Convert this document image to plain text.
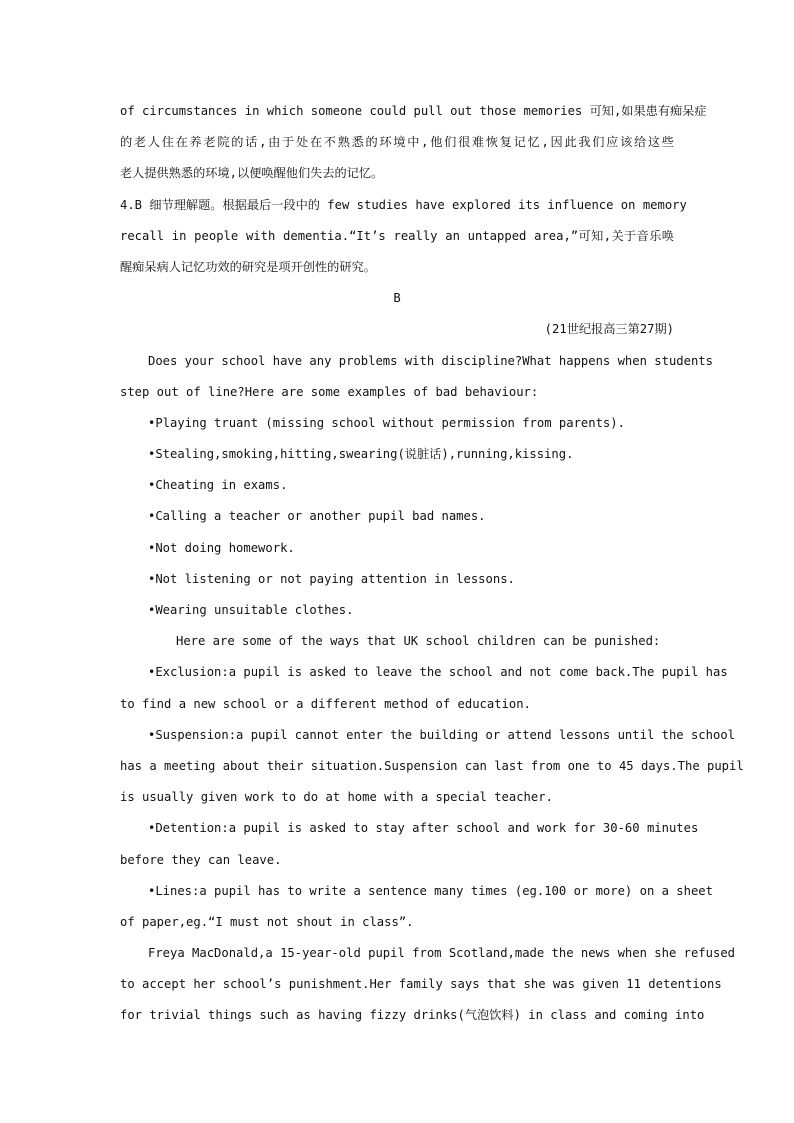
of circumstances in which someone could pull out those memories 可知,如果患有痴呆症
的老人住在养老院的话,由于处在不熟悉的环境中,他们很难恢复记忆,因此我们应该给这些
老人提供熟悉的环境,以便唤醒他们失去的记忆。
4.B 细节理解题。根据最后一段中的 few studies have explored its influence on memory
recall in people with dementia.“It’s really an untapped area,”可知,关于音乐唤
醒痴呆病人记忆功效的研究是项开创性的研究。
B
(21世纪报高三第27期)
Does your school have any problems with discipline?What happens when students
step out of line?Here are some examples of bad behaviour:
•Playing truant (missing school without permission from parents).
•Stealing,smoking,hitting,swearing(说脏话),running,kissing.
•Cheating in exams.
•Calling a teacher or another pupil bad names.
•Not doing homework.
•Not listening or not paying attention in lessons.
•Wearing unsuitable clothes.
Here are some of the ways that UK school children can be punished:
•Exclusion:a pupil is asked to leave the school and not come back.The pupil has
to find a new school or a different method of education.
•Suspension:a pupil cannot enter the building or attend lessons until the school
has a meeting about their situation.Suspension can last from one to 45 days.The pupil
is usually given work to do at home with a special teacher.
•Detention:a pupil is asked to stay after school and work for 30-60 minutes
before they can leave.
•Lines:a pupil has to write a sentence many times (eg.100 or more) on a sheet
of paper,eg.“I must not shout in class”.
Freya MacDonald,a 15-year-old pupil from Scotland,made the news when she refused
to accept her school’s punishment.Her family says that she was given 11 detentions
for trivial things such as having fizzy drinks(气泡饮料) in class and coming into
